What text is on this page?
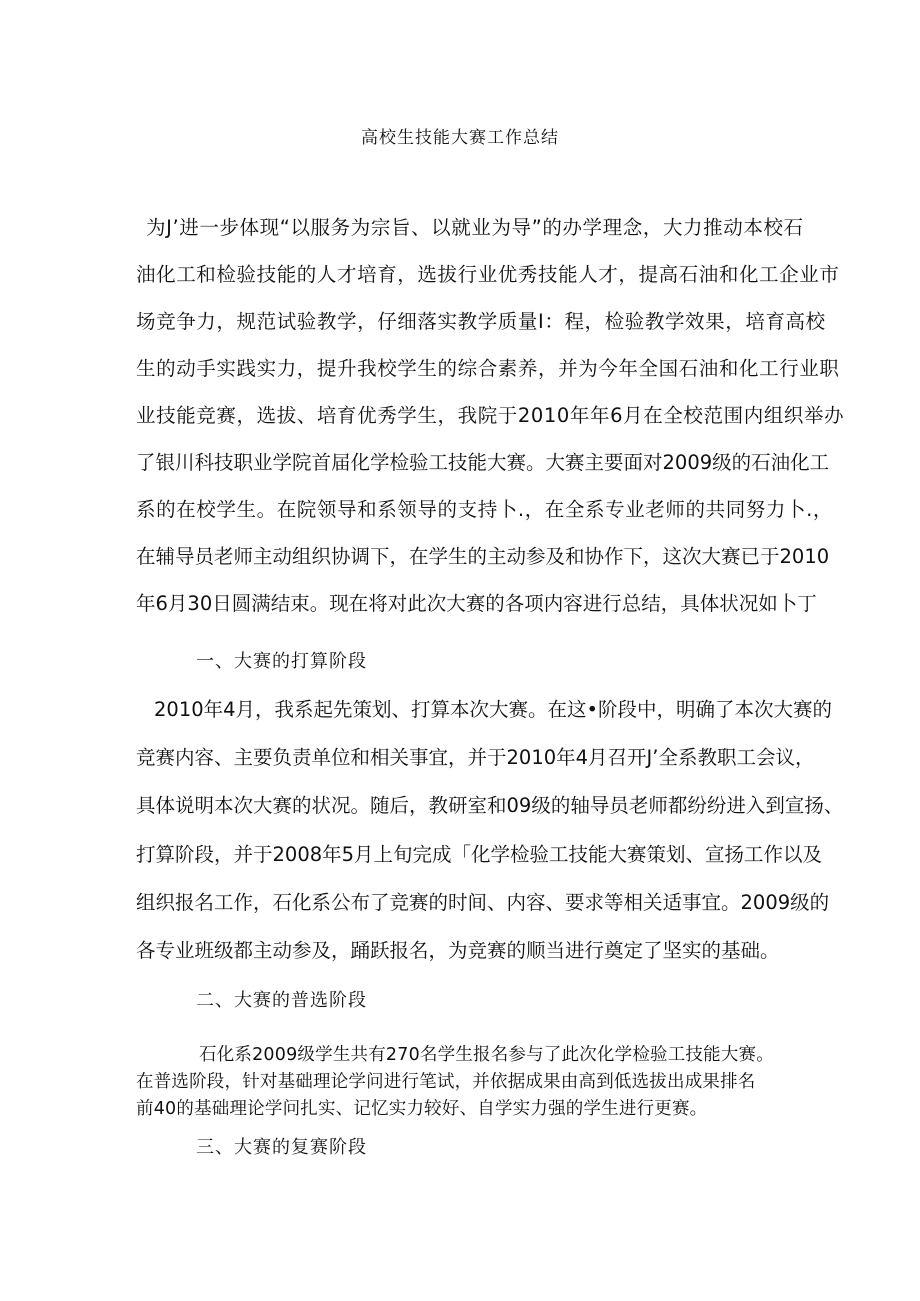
高校生技能大赛工作总结
为J’进一步体现“以服务为宗旨、以就业为导”的办学理念，大力推动本校石
油化工和检验技能的人才培育，选拔行业优秀技能人才，提高石油和化工企业市
场竞争力，规范试验教学，仔细落实教学质量I：程，检验教学效果，培育高校
生的动手实践实力，提升我校学生的综合素养，并为今年全国石油和化工行业职
业技能竞赛，选拔、培育优秀学生，我院于2010年年6月在全校范围内组织举办
了银川科技职业学院首届化学检验工技能大赛。大赛主要面对2009级的石油化工
系的在校学生。在院领导和系领导的支持卜.，在全系专业老师的共同努力卜.，
在辅导员老师主动组织协调下，在学生的主动参及和协作下，这次大赛已于2010
年6月30日圆满结束。现在将对此次大赛的各项内容进行总结，具体状况如卜丁
一、大赛的打算阶段
2010年4月，我系起先策划、打算本次大赛。在这•阶段中，明确了本次大赛的
竞赛内容、主要负责单位和相关事宜，并于2010年4月召开J’全系教职工会议，
具体说明本次大赛的状况。随后，教研室和09级的轴导员老师都纷纷进入到宣扬、
打算阶段，并于2008年5月上旬完成「化学检验工技能大赛策划、宣扬工作以及
组织报名工作，石化系公布了竞赛的时间、内容、要求等相关适事宜。2009级的
各专业班级都主动参及，踊跃报名，为竞赛的顺当进行奠定了坚实的基础。
二、大赛的普选阶段
石化系2009级学生共有270名学生报名参与了此次化学检验工技能大赛。
在普选阶段，针对基础理论学问进行笔试，并依据成果由高到低选拔出成果排名
前40的基础理论学问扎实、记忆实力较好、自学实力强的学生进行更赛。
三、大赛的复赛阶段
